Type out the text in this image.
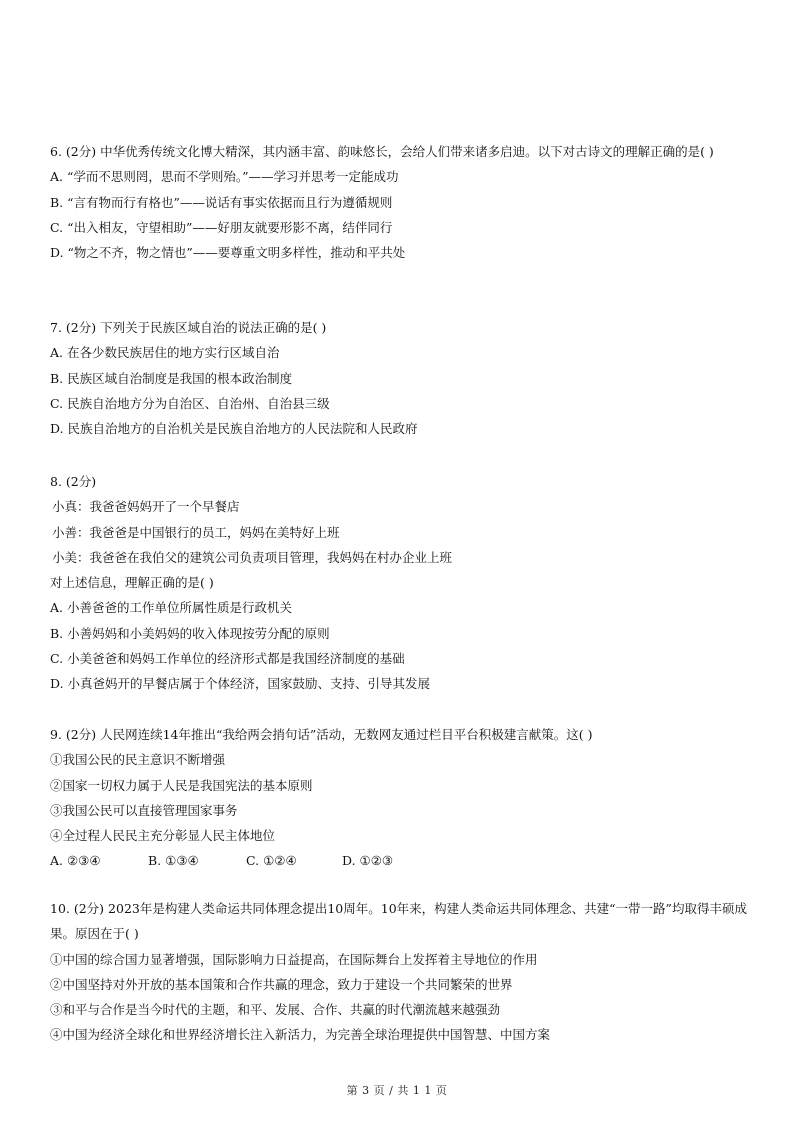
6. (2分) 中华优秀传统文化博大精深，其内涵丰富、韵味悠长，会给人们带来诸多启迪。以下对古诗文的理解正确的是( )
A. “学而不思则罔，思而不学则殆。”——学习并思考一定能成功
B. “言有物而行有格也”——说话有事实依据而且行为遵循规则
C. “出入相友，守望相助”——好朋友就要形影不离，结伴同行
D. “物之不齐，物之情也”——要尊重文明多样性，推动和平共处
7. (2分) 下列关于民族区域自治的说法正确的是( )
A. 在各少数民族居住的地方实行区域自治
B. 民族区域自治制度是我国的根本政治制度
C. 民族自治地方分为自治区、自治州、自治县三级
D. 民族自治地方的自治机关是民族自治地方的人民法院和人民政府
8. (2分)
小真：我爸爸妈妈开了一个早餐店
小善：我爸爸是中国银行的员工，妈妈在美特好上班
小美：我爸爸在我伯父的建筑公司负责项目管理，我妈妈在村办企业上班
对上述信息，理解正确的是( )
A. 小善爸爸的工作单位所属性质是行政机关
B. 小善妈妈和小美妈妈的收入体现按劳分配的原则
C. 小美爸爸和妈妈工作单位的经济形式都是我国经济制度的基础
D. 小真爸妈开的早餐店属于个体经济，国家鼓励、支持、引导其发展
9. (2分) 人民网连续14年推出“我给两会捎句话”活动，无数网友通过栏目平台积极建言献策。这( )
①我国公民的民主意识不断增强
②国家一切权力属于人民是我国宪法的基本原则
③我国公民可以直接管理国家事务
④全过程人民民主充分彰显人民主体地位
A. ②③④	B. ①③④	C. ①②④	D. ①②③
10. (2分) 2023年是构建人类命运共同体理念提出10周年。10年来，构建人类命运共同体理念、共建“一带一路”均取得丰硕成果。原因在于( )
①中国的综合国力显著增强，国际影响力日益提高，在国际舞台上发挥着主导地位的作用
②中国坚持对外开放的基本国策和合作共赢的理念，致力于建设一个共同繁荣的世界
③和平与合作是当今时代的主题，和平、发展、合作、共赢的时代潮流越来越强劲
④中国为经济全球化和世界经济增长注入新活力，为完善全球治理提供中国智慧、中国方案
第 3 页 / 共 1 1 页
